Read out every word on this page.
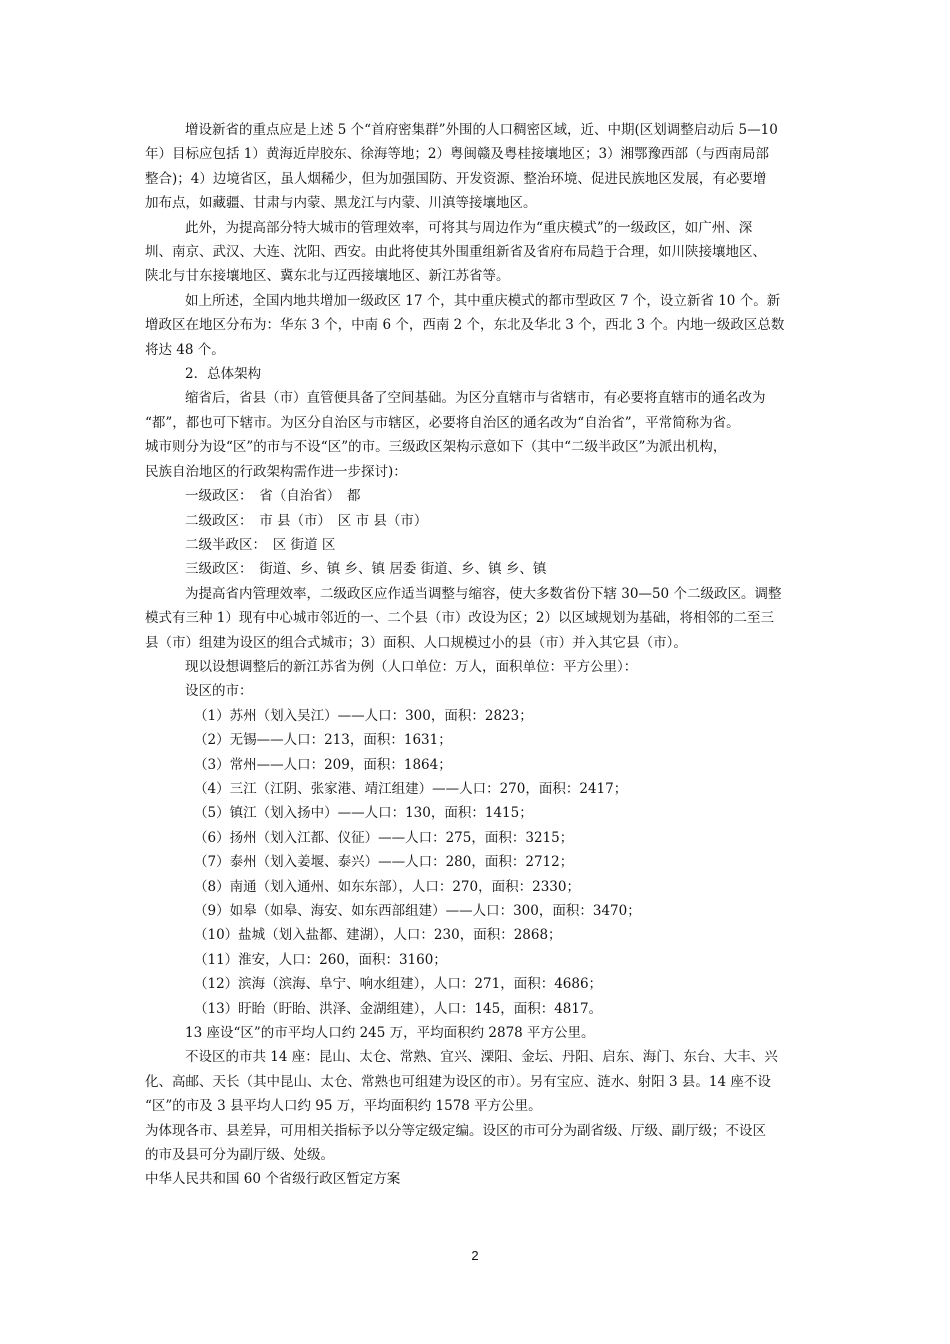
增设新省的重点应是上述 5 个“首府密集群”外围的人口稠密区域，近、中期(区划调整启动后 5—10
年）目标应包括 1）黄海近岸胶东、徐海等地；2）粤闽赣及粤桂接壤地区；3）湘鄂豫西部（与西南局部
整合)；4）边境省区，虽人烟稀少，但为加强国防、开发资源、整治环境、促进民族地区发展，有必要增
加布点，如藏疆、甘肃与内蒙、黑龙江与内蒙、川滇等接壤地区。
此外，为提高部分特大城市的管理效率，可将其与周边作为“重庆模式”的一级政区，如广州、深
圳、南京、武汉、大连、沈阳、西安。由此将使其外围重组新省及省府布局趋于合理，如川陕接壤地区、
陕北与甘东接壤地区、冀东北与辽西接壤地区、新江苏省等。
如上所述，全国内地共增加一级政区 17 个，其中重庆模式的都市型政区 7 个，设立新省 10 个。新
增政区在地区分布为：华东 3 个，中南 6 个，西南 2 个，东北及华北 3 个，西北 3 个。内地一级政区总数
将达 48 个。
2．总体架构
缩省后，省县（市）直管便具备了空间基础。为区分直辖市与省辖市，有必要将直辖市的通名改为
“都”，都也可下辖市。为区分自治区与市辖区，必要将自治区的通名改为“自治省”，平常简称为省。
城市则分为设“区”的市与不设“区”的市。三级政区架构示意如下（其中“二级半政区”为派出机构，
民族自治地区的行政架构需作进一步探讨)：
一级政区：　省（自治省）　都
二级政区：　市 县（市）　区 市 县（市）
二级半政区：　区 街道 区
三级政区：　街道、乡、镇 乡、镇 居委 街道、乡、镇 乡、镇
为提高省内管理效率，二级政区应作适当调整与缩容，使大多数省份下辖 30—50 个二级政区。调整
模式有三种 1）现有中心城市邻近的一、二个县（市）改设为区；2）以区域规划为基础，将相邻的二至三
县（市）组建为设区的组合式城市；3）面积、人口规模过小的县（市）并入其它县（市）。
现以设想调整后的新江苏省为例（人口单位：万人，面积单位：平方公里）：
设区的市：
（1）苏州（划入吴江）——人口：300，面积：2823；
（2）无锡——人口：213，面积：1631；
（3）常州——人口：209，面积：1864；
（4）三江（江阴、张家港、靖江组建）——人口：270，面积：2417；
（5）镇江（划入扬中）——人口：130，面积：1415；
（6）扬州（划入江都、仪征）——人口：275，面积：3215；
（7）泰州（划入姜堰、泰兴）——人口：280，面积：2712；
（8）南通（划入通州、如东东部），人口：270，面积：2330；
（9）如皋（如皋、海安、如东西部组建）——人口：300，面积：3470；
（10）盐城（划入盐都、建湖），人口：230，面积：2868；
（11）淮安，人口：260，面积：3160；
（12）滨海（滨海、阜宁、响水组建），人口：271，面积：4686；
（13）盱眙（盱眙、洪泽、金湖组建），人口：145，面积：4817。
13 座设“区”的市平均人口约 245 万，平均面积约 2878 平方公里。
不设区的市共 14 座：昆山、太仓、常熟、宜兴、溧阳、金坛、丹阳、启东、海门、东台、大丰、兴
化、高邮、天长（其中昆山、太仓、常熟也可组建为设区的市）。另有宝应、涟水、射阳 3 县。14 座不设
“区”的市及 3 县平均人口约 95 万，平均面积约 1578 平方公里。
为体现各市、县差异，可用相关指标予以分等定级定编。设区的市可分为副省级、厅级、副厅级；不设区
的市及县可分为副厅级、处级。
中华人民共和国 60 个省级行政区暂定方案
2
